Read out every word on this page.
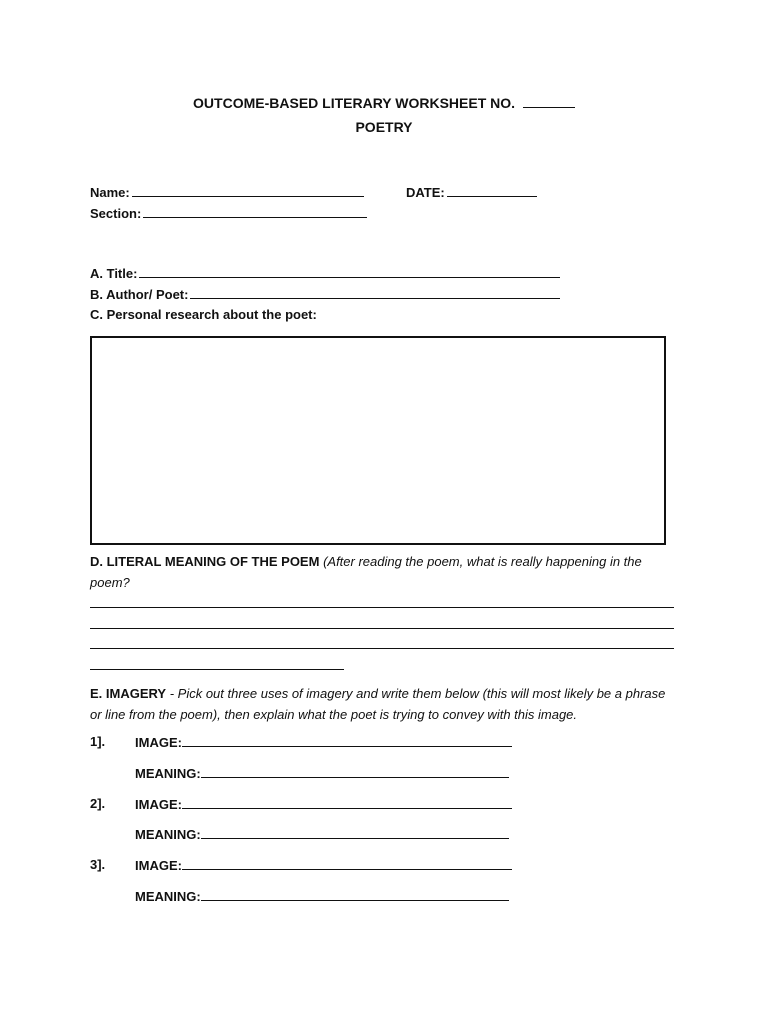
OUTCOME-BASED LITERARY WORKSHEET NO.
POETRY
Name:	DATE:
Section:
A. Title:
B. Author/ Poet:
C. Personal research about the poet:
D. LITERAL MEANING OF THE POEM (After reading the poem, what is really happening in the poem?
E. IMAGERY - Pick out three uses of imagery and write them below (this will most likely be a phrase or line from the poem), then explain what the poet is trying to convey with this image.
1]. IMAGE:
MEANING:
2]. IMAGE:
MEANING:
3]. IMAGE:
MEANING:
